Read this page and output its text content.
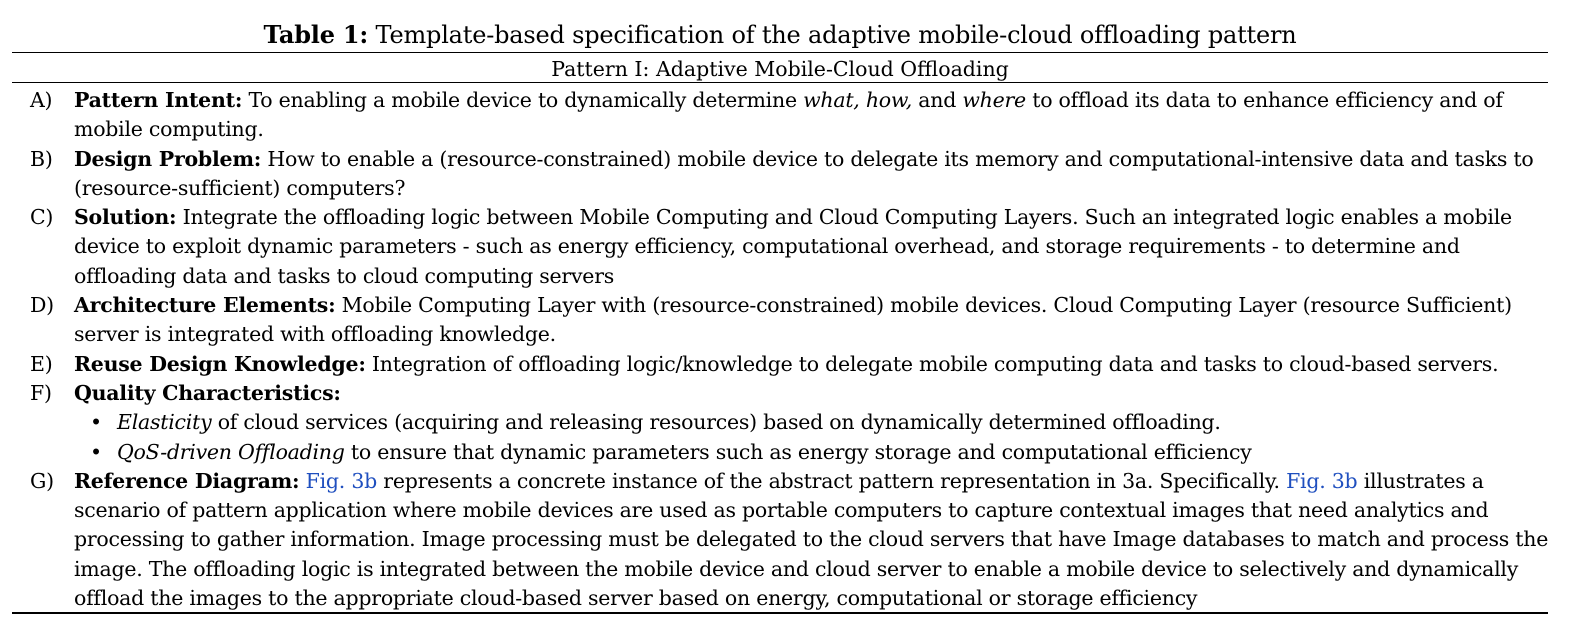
Table 1: Template-based specification of the adaptive mobile-cloud offloading pattern
Pattern I: Adaptive Mobile-Cloud Offloading
A) Pattern Intent: To enabling a mobile device to dynamically determine what, how, and where to offload its data to enhance efficiency and of mobile computing.
B) Design Problem: How to enable a (resource-constrained) mobile device to delegate its memory and computational-intensive data and tasks to (resource-sufficient) computers?
C) Solution: Integrate the offloading logic between Mobile Computing and Cloud Computing Layers. Such an integrated logic enables a mobile device to exploit dynamic parameters - such as energy efficiency, computational overhead, and storage requirements - to determine and offloading data and tasks to cloud computing servers
D) Architecture Elements: Mobile Computing Layer with (resource-constrained) mobile devices. Cloud Computing Layer (resource Sufficient) server is integrated with offloading knowledge.
E) Reuse Design Knowledge: Integration of offloading logic/knowledge to delegate mobile computing data and tasks to cloud-based servers.
F) Quality Characteristics:
• Elasticity of cloud services (acquiring and releasing resources) based on dynamically determined offloading.
• QoS-driven Offloading to ensure that dynamic parameters such as energy storage and computational efficiency
G) Reference Diagram: Fig. 3b represents a concrete instance of the abstract pattern representation in 3a. Specifically. Fig. 3b illustrates a scenario of pattern application where mobile devices are used as portable computers to capture contextual images that need analytics and processing to gather information. Image processing must be delegated to the cloud servers that have Image databases to match and process the image. The offloading logic is integrated between the mobile device and cloud server to enable a mobile device to selectively and dynamically offload the images to the appropriate cloud-based server based on energy, computational or storage efficiency
